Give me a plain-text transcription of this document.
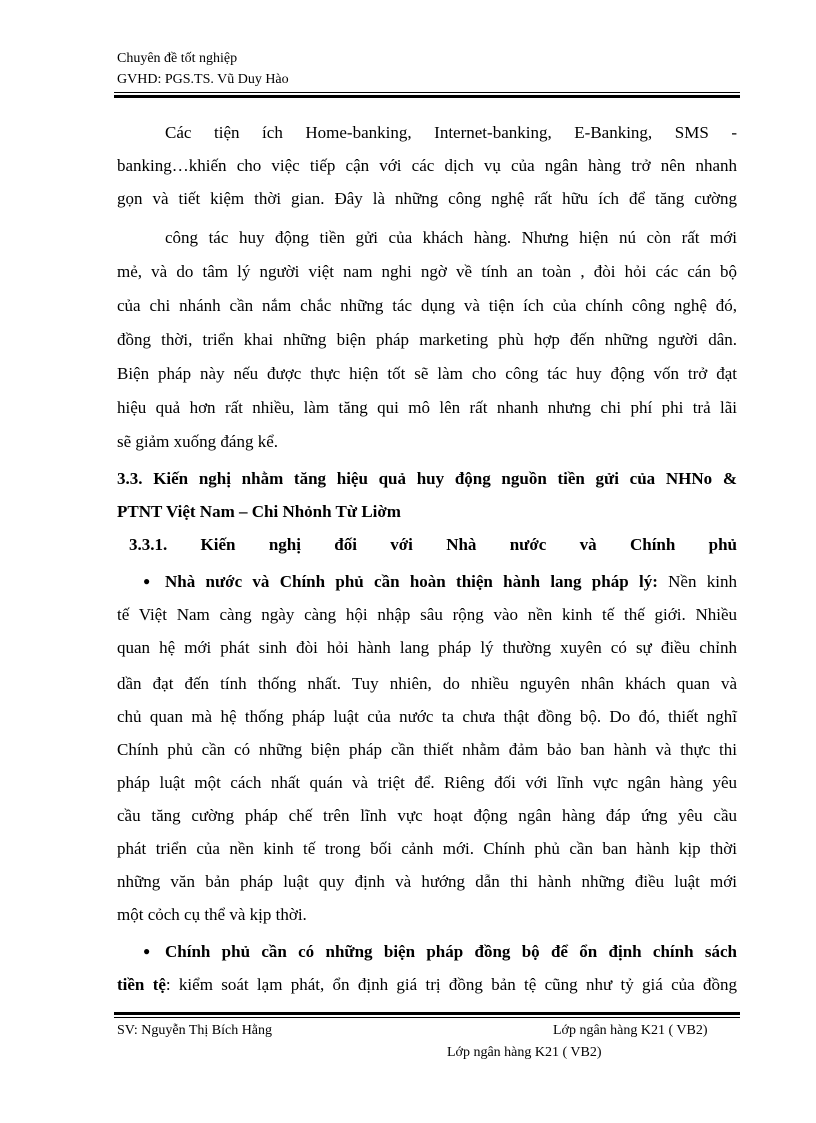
Chuyên đề tốt nghiệp
GVHD: PGS.TS. Vũ Duy Hào
Các tiện ích Home-banking, Internet-banking, E-Banking, SMS -
banking…khiến cho việc tiếp cận với các dịch vụ của ngân hàng trở nên nhanh
gọn và tiết kiệm thời gian. Đây là những công nghệ rất hữu ích để tăng cường
công tác huy động tiền gửi của khách hàng. Nhưng hiện nú còn rất mới
mẻ, và do tâm lý người việt nam nghi ngờ về tính an toàn , đòi hỏi các cán bộ
của chi nhánh cần nắm chắc những tác dụng và tiện ích của chính công nghệ đó,
đồng thời, triển khai những biện pháp marketing phù hợp đến những người dân.
Biện pháp này nếu được thực hiện tốt sẽ làm cho công tác huy động vốn trở đạt
hiệu quả hơn rất nhiều, làm tăng qui mô lên rất nhanh nhưng chi phí phi trả lãi
sẽ giảm xuống đáng kể.
3.3. Kiến nghị nhằm tăng hiệu quả huy động nguồn tiền gửi của NHNo &
PTNT Việt Nam – Chi Nhỏnh Từ Liờm
3.3.1. Kiến nghị đối với Nhà nước và Chính phủ
● Nhà nước và Chính phủ cần hoàn thiện hành lang pháp lý: Nền kinh
tế Việt Nam càng ngày càng hội nhập sâu rộng vào nền kinh tế thế giới. Nhiều
quan hệ mới phát sinh đòi hỏi hành lang pháp lý thường xuyên có sự điều chỉnh
dần đạt đến tính thống nhất. Tuy nhiên, do nhiều nguyên nhân khách quan và
chủ quan mà hệ thống pháp luật của nước ta chưa thật đồng bộ. Do đó, thiết nghĩ
Chính phủ cần có những biện pháp cần thiết nhằm đảm bảo ban hành và thực thi
pháp luật một cách nhất quán và triệt để. Riêng đối với lĩnh vực ngân hàng yêu
cầu tăng cường pháp chế trên lĩnh vực hoạt động ngân hàng đáp ứng yêu cầu
phát triển của nền kinh tế trong bối cảnh mới. Chính phủ cần ban hành kịp thời
những văn bản pháp luật quy định và hướng dẫn thi hành những điều luật mới
một cỏch cụ thể và kịp thời.
● Chính phủ cần có những biện pháp đồng bộ để ổn định chính sách
tiền tệ: kiểm soát lạm phát, ổn định giá trị đồng bản tệ cũng như tỷ giá của đồng
SV: Nguyễn Thị Bích Hằng	Lớp ngân hàng K21 ( VB2)
Lớp ngân hàng K21 ( VB2)
